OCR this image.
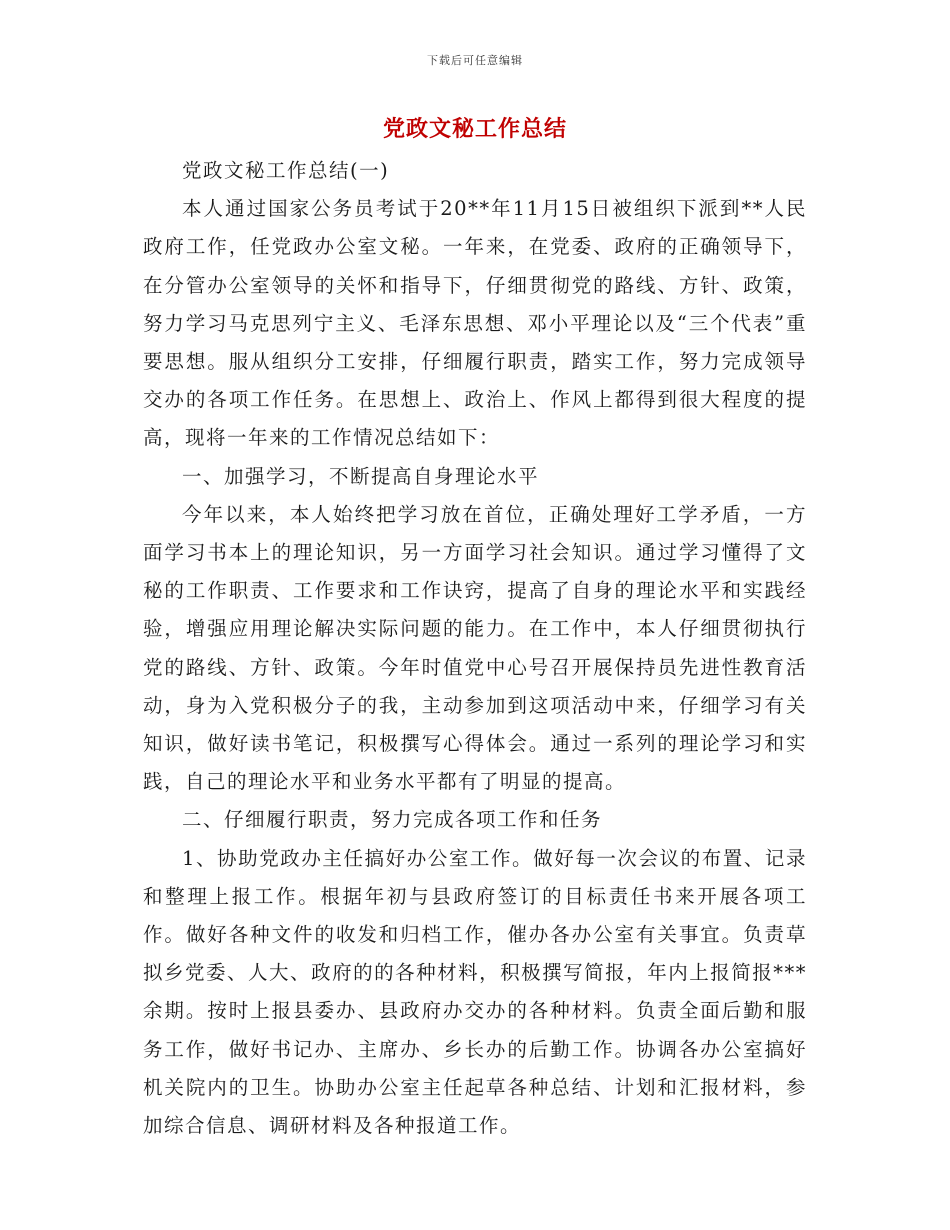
下载后可任意编辑
党政文秘工作总结

党政文秘工作总结(一)

本人通过国家公务员考试于20**年11月15日被组织下派到**人民政府工作，任党政办公室文秘。一年来，在党委、政府的正确领导下，在分管办公室领导的关怀和指导下，仔细贯彻党的路线、方针、政策，努力学习马克思列宁主义、毛泽东思想、邓小平理论以及“三个代表”重要思想。服从组织分工安排，仔细履行职责，踏实工作，努力完成领导交办的各项工作任务。在思想上、政治上、作风上都得到很大程度的提高，现将一年来的工作情况总结如下：

一、加强学习，不断提高自身理论水平

今年以来，本人始终把学习放在首位，正确处理好工学矛盾，一方面学习书本上的理论知识，另一方面学习社会知识。通过学习懂得了文秘的工作职责、工作要求和工作诀窍，提高了自身的理论水平和实践经验，增强应用理论解决实际问题的能力。在工作中，本人仔细贯彻执行党的路线、方针、政策。今年时值党中心号召开展保持员先进性教育活动，身为入党积极分子的我，主动参加到这项活动中来，仔细学习有关知识，做好读书笔记，积极撰写心得体会。通过一系列的理论学习和实践，自己的理论水平和业务水平都有了明显的提高。

二、仔细履行职责，努力完成各项工作和任务

1、协助党政办主任搞好办公室工作。做好每一次会议的布置、记录和整理上报工作。根据年初与县政府签订的目标责任书来开展各项工作。做好各种文件的收发和归档工作，催办各办公室有关事宜。负责草拟乡党委、人大、政府的的各种材料，积极撰写简报，年内上报简报***余期。按时上报县委办、县政府办交办的各种材料。负责全面后勤和服务工作，做好书记办、主席办、乡长办的后勤工作。协调各办公室搞好机关院内的卫生。协助办公室主任起草各种总结、计划和汇报材料，参加综合信息、调研材料及各种报道工作。
